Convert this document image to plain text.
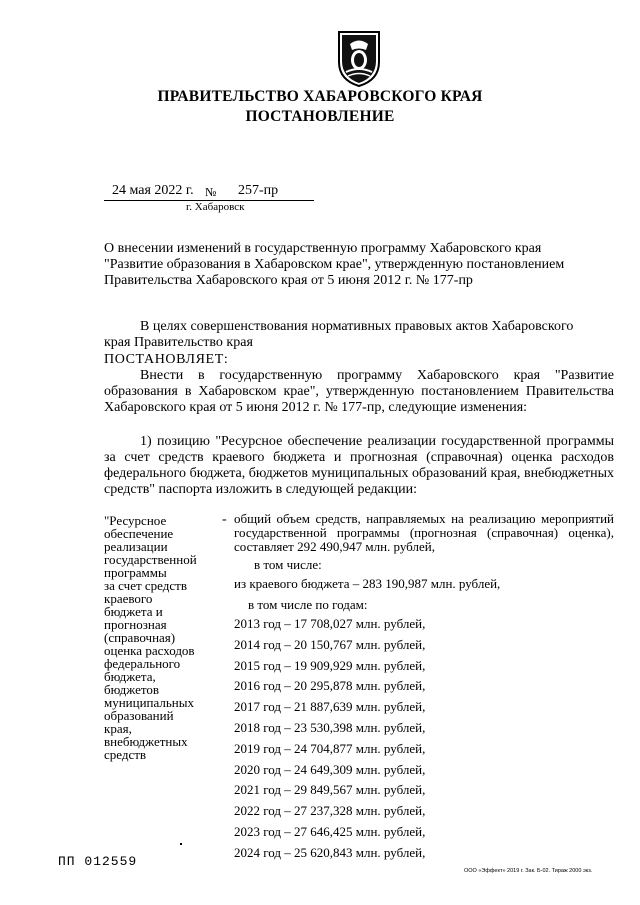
ПРАВИТЕЛЬСТВО ХАБАРОВСКОГО КРАЯ
ПОСТАНОВЛЕНИЕ
24 мая 2022 г. № 257-пр
г. Хабаровск
О внесении изменений в государственную программу Хабаровского края
"Развитие образования в Хабаровском крае", утвержденную постановлением
Правительства Хабаровского края от 5 июня 2012 г. № 177-пр
В целях совершенствования нормативных правовых актов Хабаровского
края Правительство края
ПОСТАНОВЛЯЕТ:
Внести в государственную программу Хабаровского края "Развитие образования в Хабаровском крае", утвержденную постановлением Правительства Хабаровского края от 5 июня 2012 г. № 177-пр, следующие изменения:
1) позицию "Ресурсное обеспечение реализации государственной программы за счет средств краевого бюджета и прогнозная (справочная) оценка расходов федерального бюджета, бюджетов муниципальных образований края, внебюджетных средств" паспорта изложить в следующей редакции:
"Ресурсное
обеспечение
реализации
государственной
программы
за счет средств
краевого
бюджета и
прогнозная
(справочная)
оценка расходов
федерального
бюджета,
бюджетов
муниципальных
образований
края,
внебюджетных
средств
- общий объем средств, направляемых на реализацию мероприятий государственной программы (прогнозная (справочная) оценка), составляет 292 490,947 млн. рублей,
в том числе:
из краевого бюджета – 283 190,987 млн. рублей,
в том числе по годам:
2013 год – 17 708,027 млн. рублей,
2014 год – 20 150,767 млн. рублей,
2015 год – 19 909,929 млн. рублей,
2016 год – 20 295,878 млн. рублей,
2017 год – 21 887,639 млн. рублей,
2018 год – 23 530,398 млн. рублей,
2019 год – 24 704,877 млн. рублей,
2020 год – 24 649,309 млн. рублей,
2021 год – 29 849,567 млн. рублей,
2022 год – 27 237,328 млн. рублей,
2023 год – 27 646,425 млн. рублей,
2024 год – 25 620,843 млн. рублей,
ПП 012559
ООО «Эффект» 2019 г. Зак. Б-02. Тираж 2000 экз.
